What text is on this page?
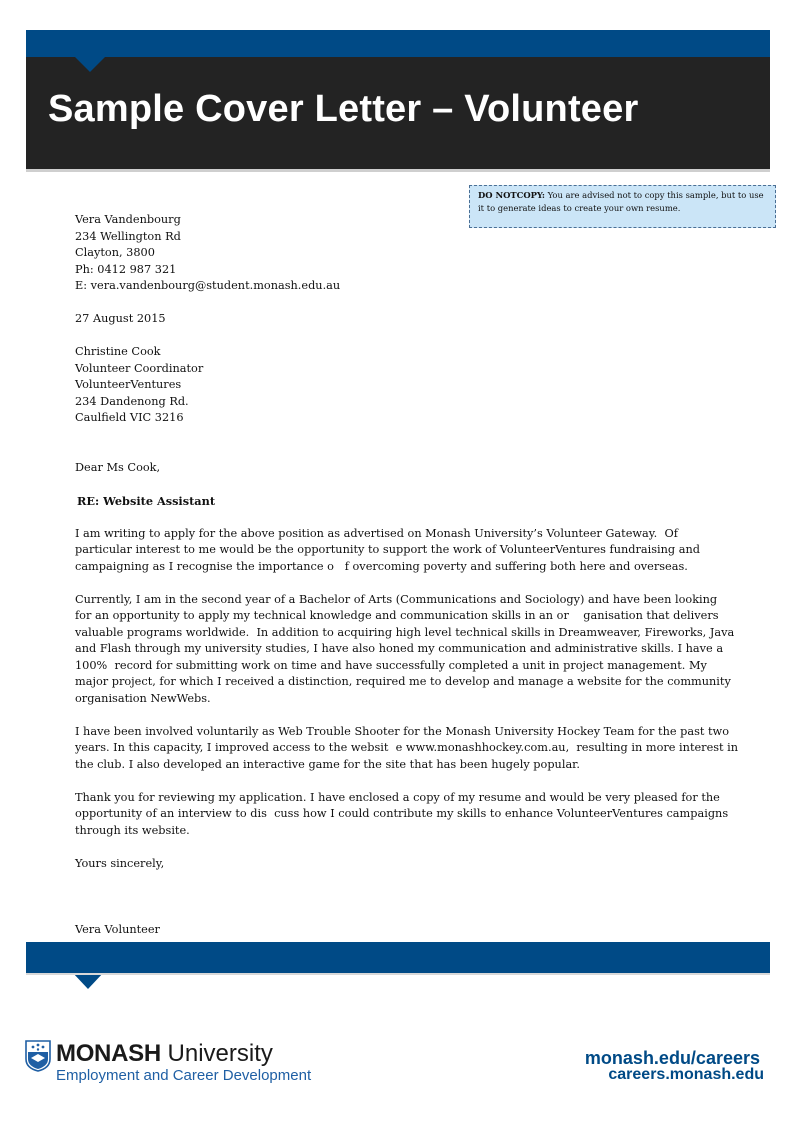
Sample Cover Letter – Volunteer
DO NOTCOPY: You are advised not to copy this sample, but to use it to generate ideas to create your own resume.
Vera Vandenbourg
234 Wellington Rd
Clayton, 3800
Ph: 0412 987 321
E: vera.vandenbourg@student.monash.edu.au
27 August 2015
Christine Cook
Volunteer Coordinator
VolunteerVentures
234 Dandenong Rd.
Caulfield VIC 3216
Dear Ms Cook,
RE: Website Assistant
I am writing to apply for the above position as advertised on Monash University’s Volunteer Gateway.  Of
particular interest to me would be the opportunity to support the work of VolunteerVentures fundraising and
campaigning as I recognise the importance o   f overcoming poverty and suffering both here and overseas.
Currently, I am in the second year of a Bachelor of Arts (Communications and Sociology) and have been looking
for an opportunity to apply my technical knowledge and communication skills in an or    ganisation that delivers
valuable programs worldwide.  In addition to acquiring high level technical skills in Dreamweaver, Fireworks, Java
and Flash through my university studies, I have also honed my communication and administrative skills. I have a
100%  record for submitting work on time and have successfully completed a unit in project management. My
major project, for which I received a distinction, required me to develop and manage a website for the community
organisation NewWebs.
I have been involved voluntarily as Web Trouble Shooter for the Monash University Hockey Team for the past two
years. In this capacity, I improved access to the websit  e www.monashhockey.com.au,  resulting in more interest in
the club. I also developed an interactive game for the site that has been hugely popular.
Thank you for reviewing my application. I have enclosed a copy of my resume and would be very pleased for the
opportunity of an interview to dis  cuss how I could contribute my skills to enhance VolunteerVentures campaigns
through its website.
Yours sincerely,
Vera Volunteer
MONASH University
Employment and Career Development
monash.edu/careers
careers.monash.edu
